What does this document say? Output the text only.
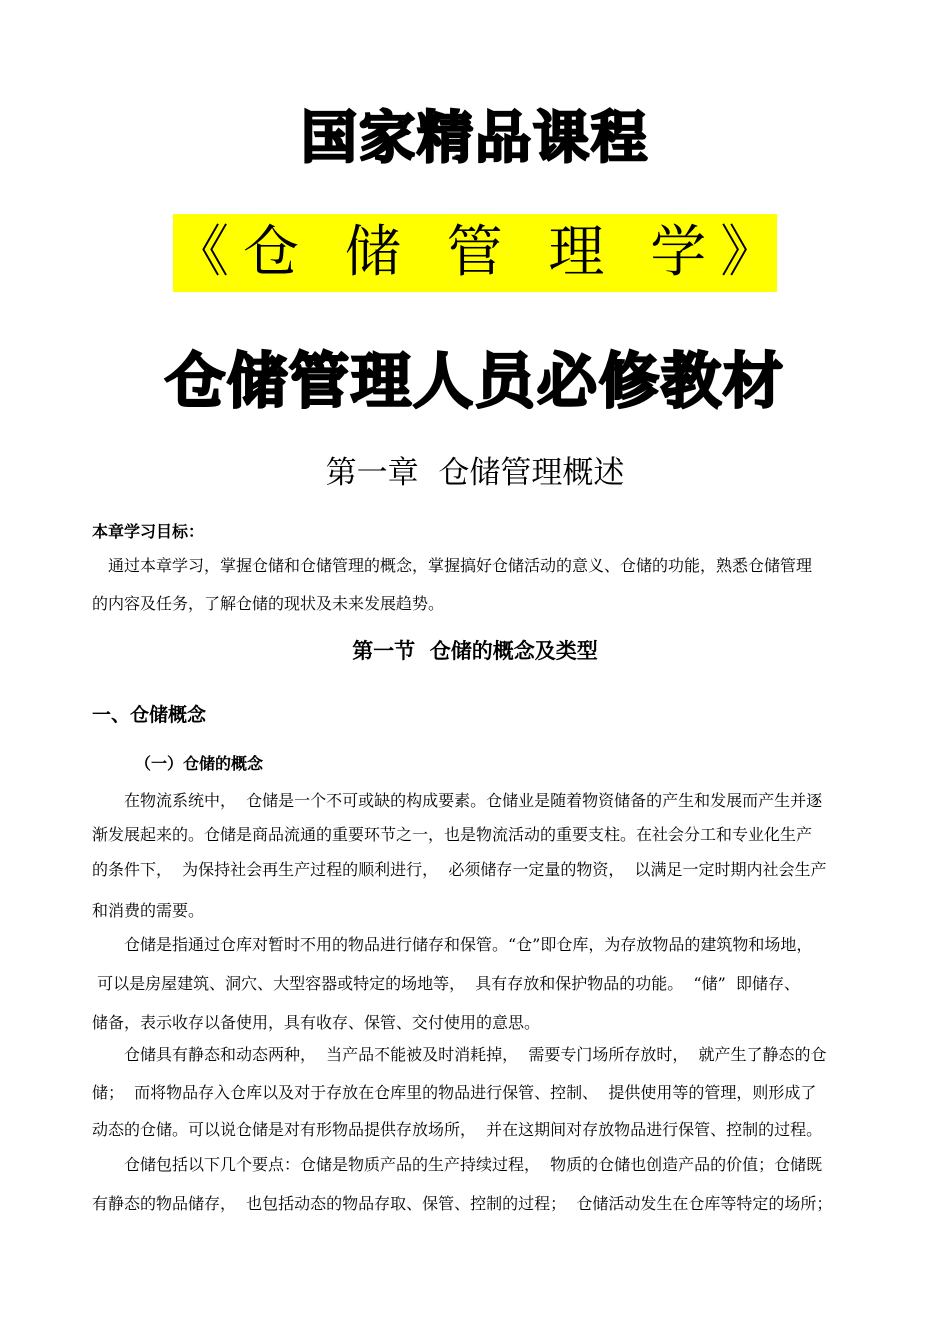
国家精品课程
《仓 储 管 理 学》
仓储管理人员必修教材
第一章  仓储管理概述
本章学习目标：
通过本章学习，掌握仓储和仓储管理的概念，掌握搞好仓储活动的意义、仓储的功能，熟悉仓储管理
的内容及任务，了解仓储的现状及未来发展趋势。
第一节  仓储的概念及类型
一、仓储概念
（一）仓储的概念
在物流系统中，  仓储是一个不可或缺的构成要素。仓储业是随着物资储备的产生和发展而产生并逐
渐发展起来的。仓储是商品流通的重要环节之一，也是物流活动的重要支柱。在社会分工和专业化生产
的条件下，  为保持社会再生产过程的顺利进行，  必须储存一定量的物资，  以满足一定时期内社会生产
和消费的需要。
仓储是指通过仓库对暂时不用的物品进行储存和保管。“仓”即仓库，为存放物品的建筑物和场地，
可以是房屋建筑、洞穴、大型容器或特定的场地等，  具有存放和保护物品的功能。  “储”  即储存、
储备，表示收存以备使用，具有收存、保管、交付使用的意思。
仓储具有静态和动态两种，  当产品不能被及时消耗掉，  需要专门场所存放时，  就产生了静态的仓
储；  而将物品存入仓库以及对于存放在仓库里的物品进行保管、控制、  提供使用等的管理，则形成了
动态的仓储。可以说仓储是对有形物品提供存放场所，  并在这期间对存放物品进行保管、控制的过程。
仓储包括以下几个要点：仓储是物质产品的生产持续过程，  物质的仓储也创造产品的价值；仓储既
有静态的物品储存，  也包括动态的物品存取、保管、控制的过程；  仓储活动发生在仓库等特定的场所；
